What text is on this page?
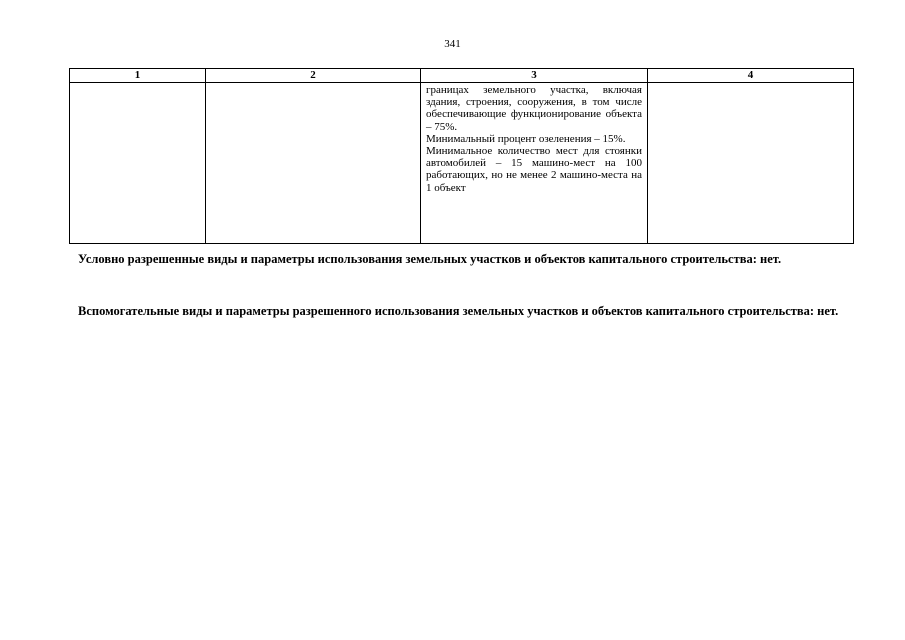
341
1	2	3	4

		границах земельного участка, включая здания, строения, сооружения, в том числе обеспечивающие функционирование объекта – 75%.

Минимальный процент озеленения – 15%.

Минимальное количество мест для стоянки автомобилей – 15 машино-мест на 100 работающих, но не менее 2 машино-места на 1 объект	

Условно разрешенные виды и параметры использования земельных участков и объектов капитального строительства: нет.

Вспомогательные виды и параметры разрешенного использования земельных участков и объектов капитального строительства: нет.
